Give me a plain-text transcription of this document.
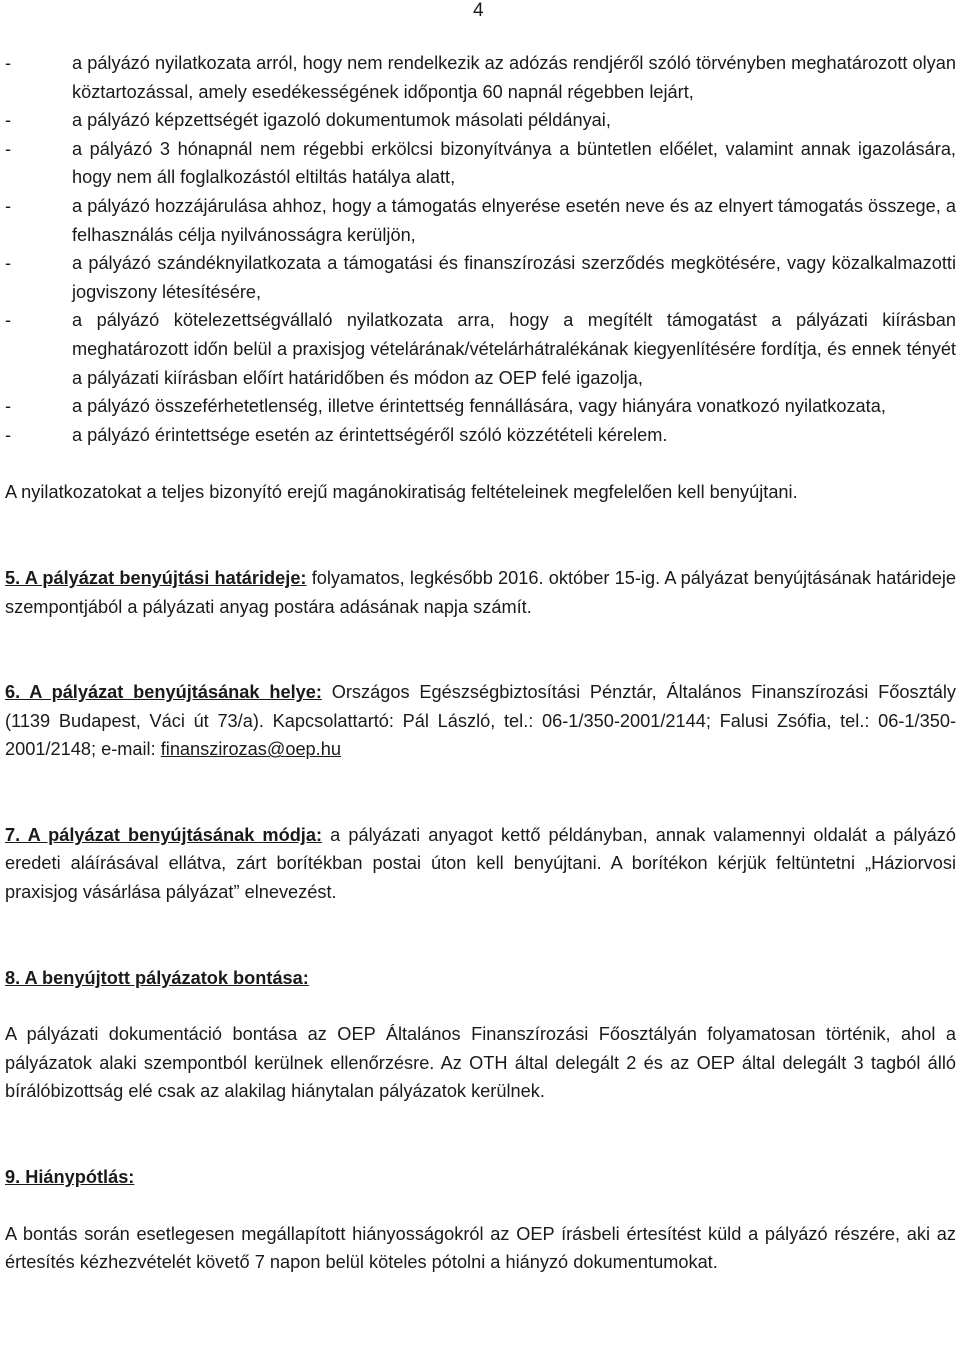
4
-	a pályázó nyilatkozata arról, hogy nem rendelkezik az adózás rendjéről szóló törvényben meghatározott olyan köztartozással, amely esedékességének időpontja 60 napnál régebben lejárt,
-	a pályázó képzettségét igazoló dokumentumok másolati példányai,
-	a pályázó 3 hónapnál nem régebbi erkölcsi bizonyítványa a büntetlen előélet, valamint annak igazolására, hogy nem áll foglalkozástól eltiltás hatálya alatt,
-	a pályázó hozzájárulása ahhoz, hogy a támogatás elnyerése esetén neve és az elnyert támogatás összege, a felhasználás célja nyilvánosságra kerüljön,
-	a pályázó szándéknyilatkozata a támogatási és finanszírozási szerződés megkötésére, vagy közalkalmazotti jogviszony létesítésére,
-	a pályázó kötelezettségvállaló nyilatkozata arra, hogy a megítélt támogatást a pályázati kiírásban meghatározott időn belül a praxisjog vételárának/vételárhátralékának kiegyenlítésére fordítja, és ennek tényét a pályázati kiírásban előírt határidőben és módon az OEP felé igazolja,
-	a pályázó összeférhetetlenség, illetve érintettség fennállására, vagy hiányára vonatkozó nyilatkozata,
-	a pályázó érintettsége esetén az érintettségéről szóló közzétételi kérelem.

A nyilatkozatokat a teljes bizonyító erejű magánokiratiság feltételeinek megfelelően kell benyújtani.

5. A pályázat benyújtási határideje: folyamatos, legkésőbb 2016. október 15-ig. A pályázat benyújtásának határideje szempontjából a pályázati anyag postára adásának napja számít.

6. A pályázat benyújtásának helye: Országos Egészségbiztosítási Pénztár, Általános Finanszírozási Főosztály (1139 Budapest, Váci út 73/a). Kapcsolattartó: Pál László, tel.: 06-1/350-2001/2144; Falusi Zsófia, tel.: 06-1/350-2001/2148; e-mail: finanszirozas@oep.hu

7. A pályázat benyújtásának módja: a pályázati anyagot kettő példányban, annak valamennyi oldalát a pályázó eredeti aláírásával ellátva, zárt borítékban postai úton kell benyújtani. A borítékon kérjük feltüntetni „Háziorvosi praxisjog vásárlása pályázat” elnevezést.

8. A benyújtott pályázatok bontása:

A pályázati dokumentáció bontása az OEP Általános Finanszírozási Főosztályán folyamatosan történik, ahol a pályázatok alaki szempontból kerülnek ellenőrzésre. Az OTH által delegált 2 és az OEP által delegált 3 tagból álló bírálóbizottság elé csak az alakilag hiánytalan pályázatok kerülnek.

9. Hiánypótlás:

A bontás során esetlegesen megállapított hiányosságokról az OEP írásbeli értesítést küld a pályázó részére, aki az értesítés kézhezvételét követő 7 napon belül köteles pótolni a hiányzó dokumentumokat.
